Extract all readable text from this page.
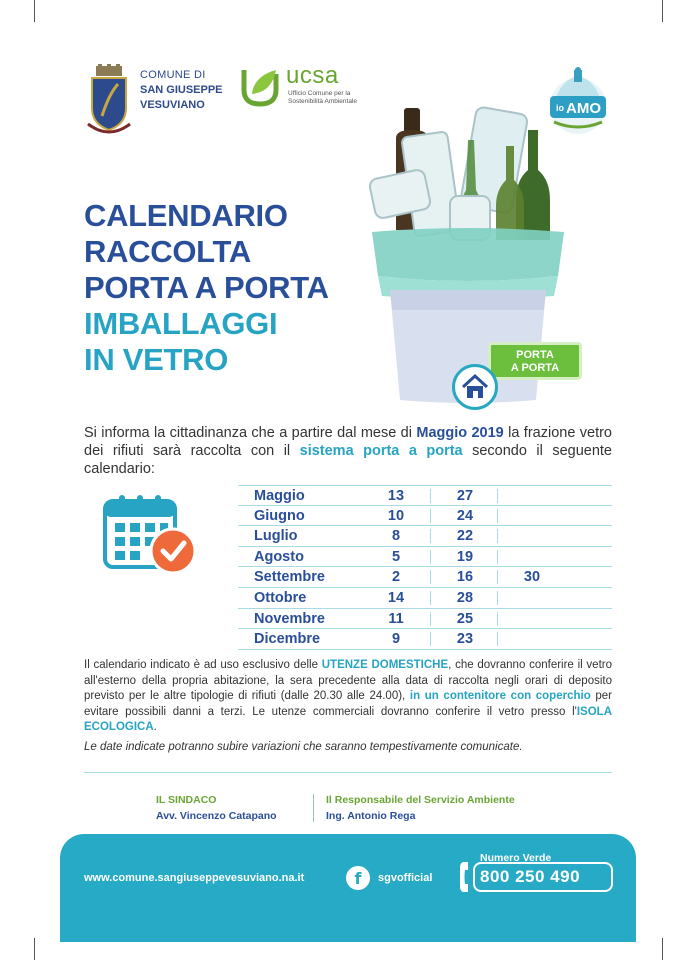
COMUNE DI
SAN GIUSEPPE
VESUVIANO
ucsa
Ufficio Comune per la Sostenibilità Ambientale
io AMO
CALENDARIO
RACCOLTA
PORTA A PORTA
IMBALLAGGI
IN VETRO	PORTA
A PORTA
Si informa la cittadinanza che a partire dal mese di Maggio 2019 la frazione vetro dei rifiuti sarà raccolta con il sistema porta a porta secondo il seguente calendario:
Maggio	13	27
Giugno	10	24
Luglio	8	22
Agosto	5	19
Settembre	2	16	30
Ottobre	14	28
Novembre	11	25
Dicembre	9	23
Il calendario indicato è ad uso esclusivo delle UTENZE DOMESTICHE, che dovranno conferire il vetro all'esterno della propria abitazione, la sera precedente alla data di raccolta negli orari di deposito previsto per le altre tipologie di rifiuti (dalle 20.30 alle 24.00), in un contenitore con coperchio per evitare possibili danni a terzi. Le utenze commerciali dovranno conferire il vetro presso l'ISOLA ECOLOGICA.
Le date indicate potranno subire variazioni che saranno tempestivamente comunicate.
IL SINDACO
Avv. Vincenzo Catapano
Il Responsabile del Servizio Ambiente
Ing. Antonio Rega
www.comune.sangiuseppevesuviano.na.it	f	sgvofficial
Numero Verde
800 250 490
